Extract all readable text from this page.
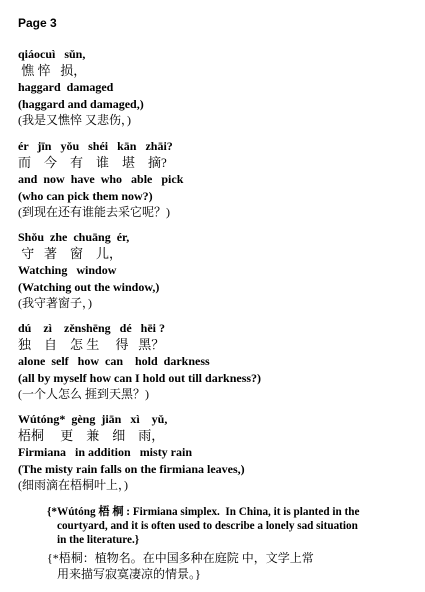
Page 3
qiáocuì   sǔn,
憔 悴   损，
haggard  damaged
(haggard and damaged,)
(我是又憔悴 又悲伤，)
ér   jīn   yǒu   shéi   kān   zhāi?
而    今    有    谁    堪    摘?
and  now  have  who   able   pick
(who can pick them now?)
(到现在还有谁能去采它呢？)
Shǒu  zhe  chuāng  ér,
守   著    窗    儿，
Watching   window
(Watching out the window,)
(我守著窗子，)
dú    zì    zěnshēng   dé   hēi ?
独    自    怎 生     得   黑？
alone  self   how  can    hold  darkness
(all by myself how can I hold out till darkness?)
(一个人怎么 捱到天黑？)
Wútóng*  gèng  jiān   xì    yǔ,
梧桐     更    兼    细    雨，
Firmiana   in addition   misty rain
(The misty rain falls on the firmiana leaves,)
(细雨滴在梧桐叶上，)
{*Wútóng 梧 桐 : Firmiana simplex.  In China, it is planted in the
courtyard, and it is often used to describe a lonely sad situation
in the literature.}
{*梧桐：植物名。在中国多种在庭院 中，文学上常
用来描写寂寞凄凉的情景。}
